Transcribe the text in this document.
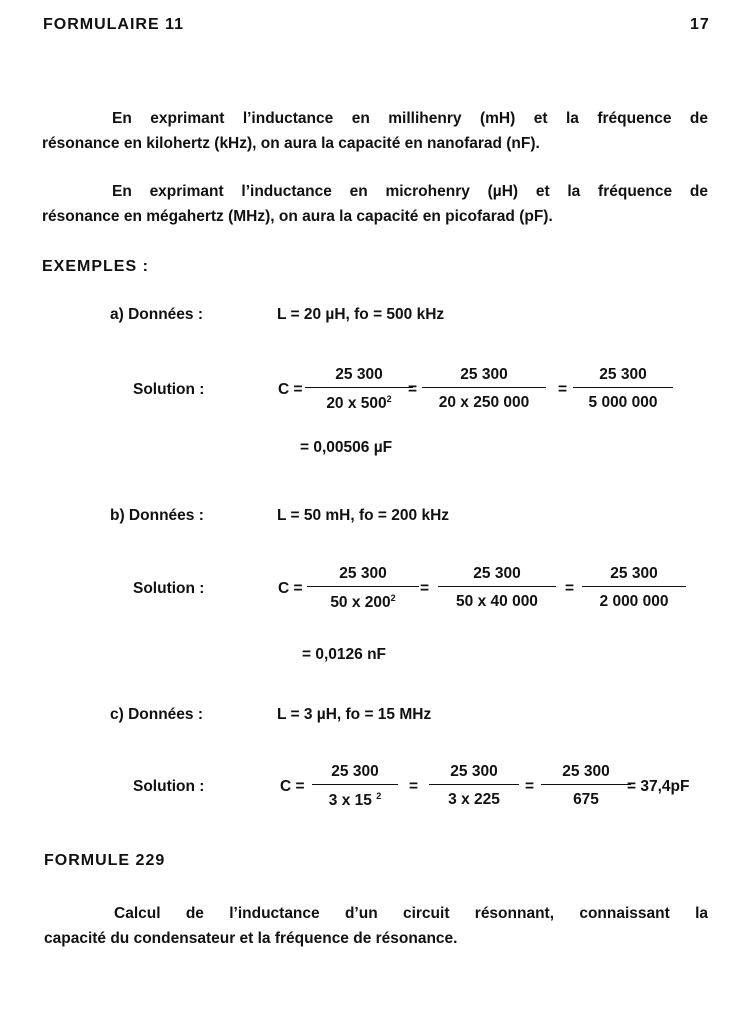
FORMULAIRE 11	17
En exprimant l’inductance en millihenry (mH) et la fréquence de
résonance en kilohertz (kHz), on aura la capacité en nanofarad (nF).
En exprimant l’inductance en microhenry (µH) et la fréquence de
résonance en mégahertz (MHz), on aura la capacité en picofarad (pF).
EXEMPLES :
a) Données :	L = 20 µH, fo = 500 kHz
Solution :	C =
25 300
20 x $500^2$
=
25 300
20 x 250 000
=
25 300
5 000 000
= 0,00506 µF
b) Données :	L = 50 mH, fo = 200 kHz
Solution :	C =
25 300
50 x $200^2$
=
25 300
50 x 40 000
=
25 300
2 000 000
= 0,0126 nF
c) Données :	L = 3 µH, fo = 15 MHz
Solution :	C =
25 300
3 x 15 $^2$
=
25 300
3 x 225
=
25 300
675
= 37,4pF
FORMULE 229
Calcul de l’inductance d’un circuit résonnant, connaissant la
capacité du condensateur et la fréquence de résonance.
